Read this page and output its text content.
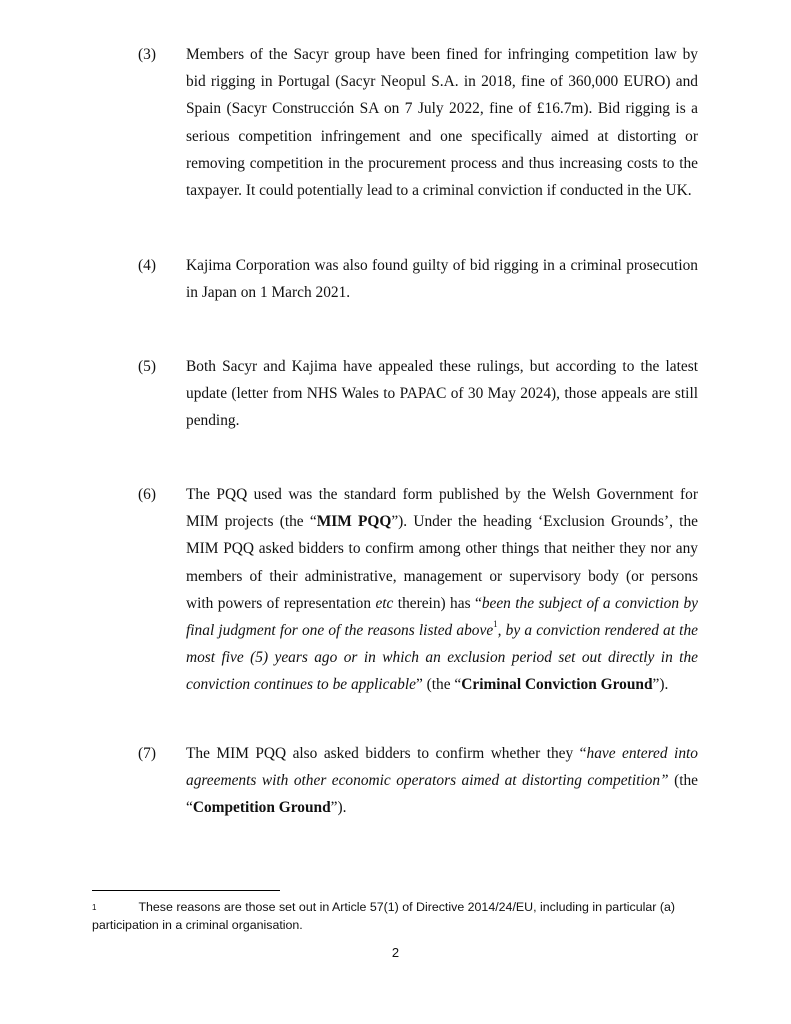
(3)	Members of the Sacyr group have been fined for infringing competition law by
bid rigging in Portugal (Sacyr Neopul S.A. in 2018, fine of 360,000 EURO) and
Spain (Sacyr Construcción SA on 7 July 2022, fine of £16.7m). Bid rigging is a
serious competition infringement and one specifically aimed at distorting or
removing competition in the procurement process and thus increasing costs to the
taxpayer. It could potentially lead to a criminal conviction if conducted in the UK.
(4)	Kajima Corporation was also found guilty of bid rigging in a criminal prosecution
in Japan on 1 March 2021.
(5)	Both Sacyr and Kajima have appealed these rulings, but according to the latest
update (letter from NHS Wales to PAPAC of 30 May 2024), those appeals are still
pending.
(6)	The PQQ used was the standard form published by the Welsh Government for
MIM projects (the “MIM PQQ”). Under the heading ‘Exclusion Grounds’, the
MIM PQQ asked bidders to confirm among other things that neither they nor any
members of their administrative, management or supervisory body (or persons
with powers of representation etc therein) has “been the subject of a conviction by
final judgment for one of the reasons listed above$^1$, by a conviction rendered at the
most five (5) years ago or in which an exclusion period set out directly in the
conviction continues to be applicable” (the “Criminal Conviction Ground”).
(7)	The MIM PQQ also asked bidders to confirm whether they “have entered into
agreements with other economic operators aimed at distorting competition” (the
“Competition Ground”).
$^1$	These reasons are those set out in Article 57(1) of Directive 2014/24/EU, including in particular (a)
participation in a criminal organisation.
2
